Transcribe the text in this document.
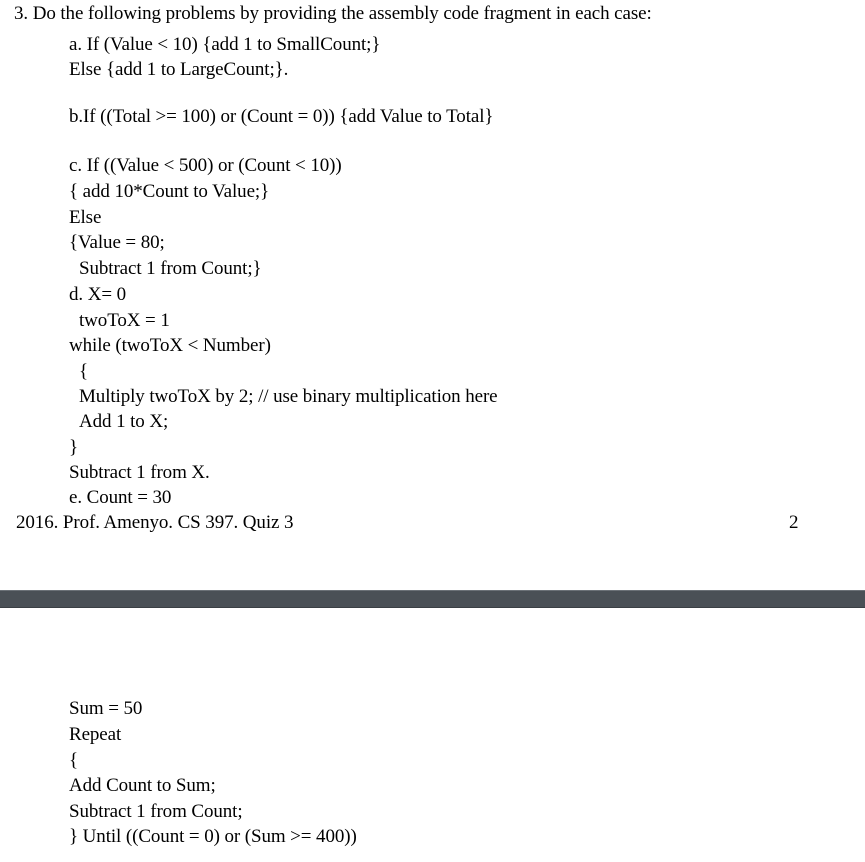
3. Do the following problems by providing the assembly code fragment in each case:
a. If (Value < 10) {add 1 to SmallCount;}
Else {add 1 to LargeCount;}.
b.If ((Total >= 100) or (Count = 0)) {add Value to Total}
c. If ((Value < 500) or (Count < 10))
{ add 10*Count to Value;}
Else
{Value = 80;
Subtract 1 from Count;}
d. X= 0
twoToX = 1
while (twoToX < Number)
{
Multiply twoToX by 2; // use binary multiplication here
Add 1 to X;
}
Subtract 1 from X.
e. Count = 30
2016. Prof. Amenyo. CS 397. Quiz 3	2
Sum = 50
Repeat
{
Add Count to Sum;
Subtract 1 from Count;
} Until ((Count = 0) or (Sum >= 400))
